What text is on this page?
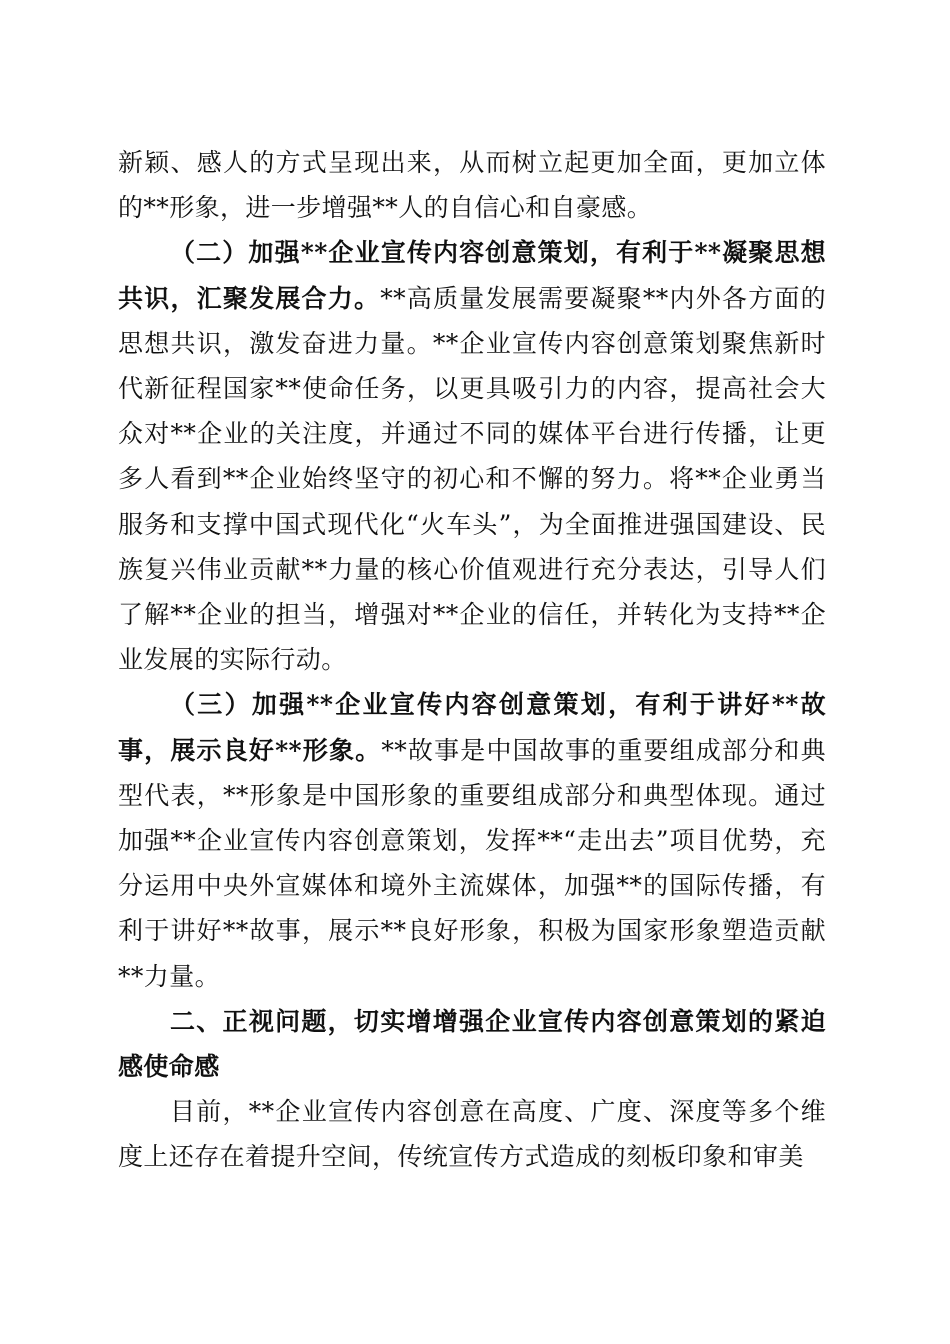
新颖、感人的方式呈现出来，从而树立起更加全面，更加立体的**形象，进一步增强**人的自信心和自豪感。

（二）加强**企业宣传内容创意策划，有利于**凝聚思想共识，汇聚发展合力。**高质量发展需要凝聚**内外各方面的思想共识，激发奋进力量。**企业宣传内容创意策划聚焦新时代新征程国家**使命任务，以更具吸引力的内容，提高社会大众对**企业的关注度，并通过不同的媒体平台进行传播，让更多人看到**企业始终坚守的初心和不懈的努力。将**企业勇当服务和支撑中国式现代化“火车头”，为全面推进强国建设、民族复兴伟业贡献**力量的核心价值观进行充分表达，引导人们了解**企业的担当，增强对**企业的信任，并转化为支持**企业发展的实际行动。

（三）加强**企业宣传内容创意策划，有利于讲好**故事，展示良好**形象。**故事是中国故事的重要组成部分和典型代表，**形象是中国形象的重要组成部分和典型体现。通过加强**企业宣传内容创意策划，发挥**“走出去”项目优势，充分运用中央外宣媒体和境外主流媒体，加强**的国际传播，有利于讲好**故事，展示**良好形象，积极为国家形象塑造贡献**力量。

二、正视问题，切实增增强企业宣传内容创意策划的紧迫感使命感

目前，**企业宣传内容创意在高度、广度、深度等多个维度上还存在着提升空间，传统宣传方式造成的刻板印象和审美
